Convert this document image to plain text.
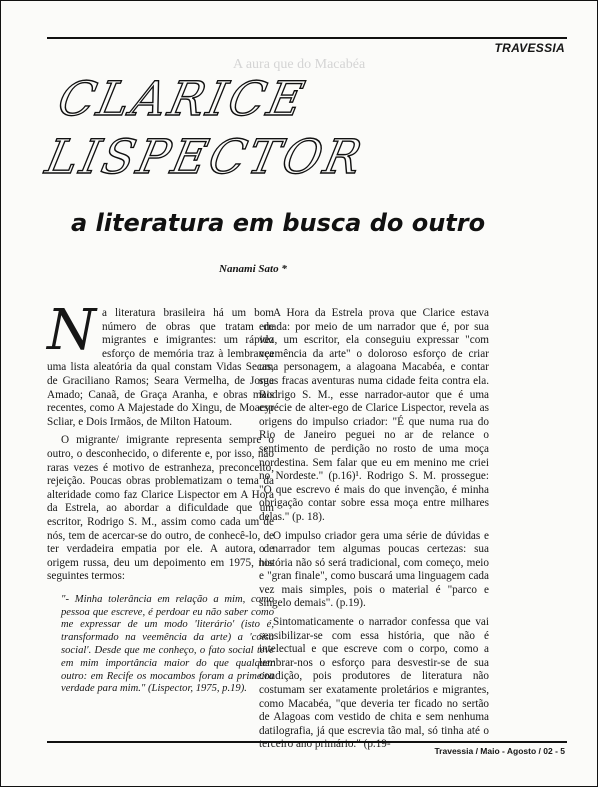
A aura que do Macabéa
TRAVESSIA
CLARICE
LISPECTOR
a literatura em busca do outro
Nanami Sato *

Na literatura brasileira há um bom número de obras que tratam de migrantes e imigrantes: um rápido esforço de memória traz à lembrança uma lista aleatória da qual constam Vidas Secas, de Graciliano Ramos; Seara Vermelha, de Jorge Amado; Canaã, de Graça Aranha, e obras mais recentes, como A Majestade do Xingu, de Moacyr Scliar, e Dois Irmãos, de Milton Hatoum.

O migrante/ imigrante representa sempre o outro, o desconhecido, o diferente e, por isso, não raras vezes é motivo de estranheza, preconceito, rejeição. Poucas obras problematizam o tema da alteridade como faz Clarice Lispector em A Hora da Estrela, ao abordar a dificuldade que um escritor, Rodrigo S. M., assim como cada um de nós, tem de acercar-se do outro, de conhecê-lo, de ter verdadeira empatia por ele. A autora, de origem russa, deu um depoimento em 1975, nos seguintes termos:

"- Minha tolerância em relação a mim, como pessoa que escreve, é perdoar eu não saber como me expressar de um modo 'literário' (isto é, transformado na veemência da arte) a 'coisa social'. Desde que me conheço, o fato social teve em mim importância maior do que qualquer outro: em Recife os mocambos foram a primeira verdade para mim." (Lispector, 1975, p.19).

A Hora da Estrela prova que Clarice estava errada: por meio de um narrador que é, por sua vez, um escritor, ela conseguiu expressar "com veemência da arte" o doloroso esforço de criar uma personagem, a alagoana Macabéa, e contar suas fracas aventuras numa cidade feita contra ela. Rodrigo S. M., esse narrador-autor que é uma espécie de alter-ego de Clarice Lispector, revela as origens do impulso criador: "É que numa rua do Rio de Janeiro peguei no ar de relance o sentimento de perdição no rosto de uma moça nordestina. Sem falar que eu em menino me criei no Nordeste." (p.16)¹. Rodrigo S. M. prossegue: "O que escrevo é mais do que invenção, é minha obrigação contar sobre essa moça entre milhares delas." (p. 18).

O impulso criador gera uma série de dúvidas e o narrador tem algumas poucas certezas: sua história não só será tradicional, com começo, meio e "gran finale", como buscará uma linguagem cada vez mais simples, pois o material é "parco e singelo demais". (p.19).

Sintomaticamente o narrador confessa que vai sensibilizar-se com essa história, que não é intelectual e que escreve com o corpo, como a lembrar-nos o esforço para desvestir-se de sua condição, pois produtores de literatura não costumam ser exatamente proletários e migrantes, como Macabéa, "que deveria ter ficado no sertão de Alagoas com vestido de chita e sem nenhuma datilografia, já que escrevia tão mal, só tinha até o terceiro ano primário." (p.19-

Travessia / Maio - Agosto / 02 - 5
